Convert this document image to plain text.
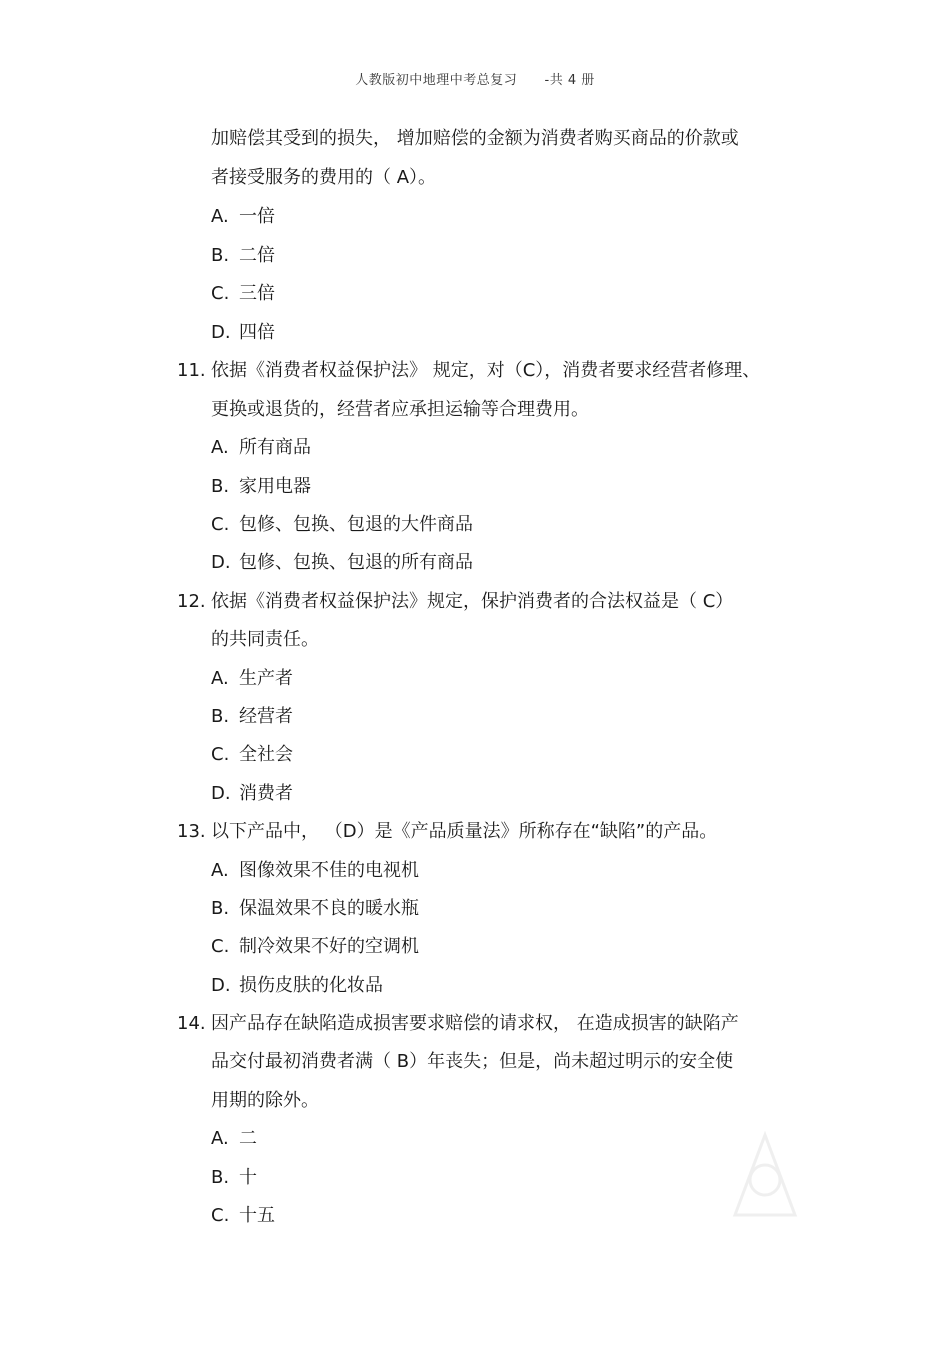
人教版初中地理中考总复习 -共 4 册
加赔偿其受到的损失， 增加赔偿的金额为消费者购买商品的价款或
者接受服务的费用的（ A）。
A. 一倍
B. 二倍
C. 三倍
D. 四倍
11. 依据《消费者权益保护法》 规定，对（C），消费者要求经营者修理、
更换或退货的，经营者应承担运输等合理费用。
A. 所有商品
B. 家用电器
C. 包修、包换、包退的大件商品
D. 包修、包换、包退的所有商品
12. 依据《消费者权益保护法》规定，保护消费者的合法权益是（ C）
的共同责任。
A. 生产者
B. 经营者
C. 全社会
D. 消费者
13. 以下产品中， （D）是《产品质量法》所称存在“缺陷”的产品。
A. 图像效果不佳的电视机
B. 保温效果不良的暖水瓶
C. 制冷效果不好的空调机
D. 损伤皮肤的化妆品
14. 因产品存在缺陷造成损害要求赔偿的请求权， 在造成损害的缺陷产
品交付最初消费者满（ B）年丧失；但是，尚未超过明示的安全使
用期的除外。
A. 二
B. 十
C. 十五
